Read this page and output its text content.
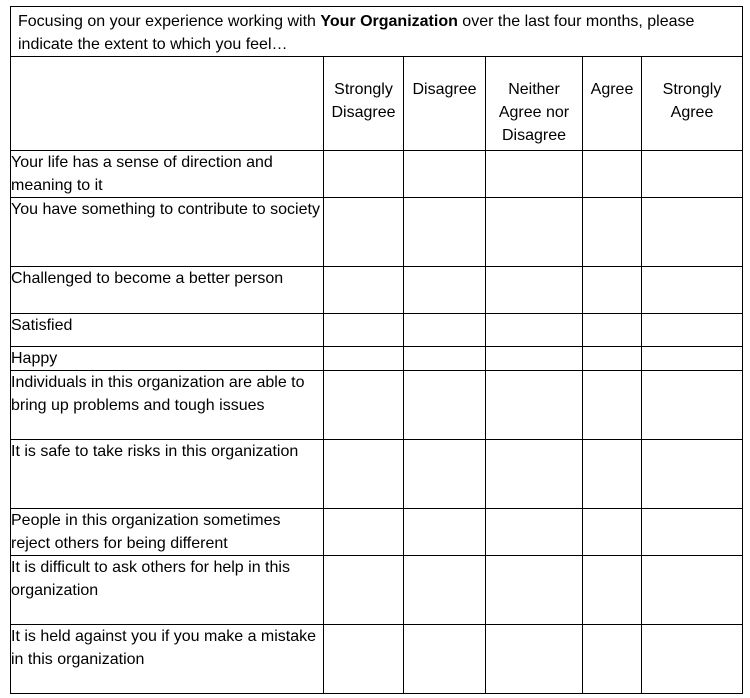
Focusing on your experience working with Your Organization over the last four months, please indicate the extent to which you feel…					
	Strongly Disagree	Disagree	Neither Agree nor Disagree	Agree	Strongly Agree
Your life has a sense of direction and meaning to it					
You have something to contribute to society					
Challenged to become a better person					
Satisfied					
Happy					
Individuals in this organization are able to bring up problems and tough issues					
It is safe to take risks in this organization					
People in this organization sometimes reject others for being different					
It is difficult to ask others for help in this organization					
It is held against you if you make a mistake in this organization					
